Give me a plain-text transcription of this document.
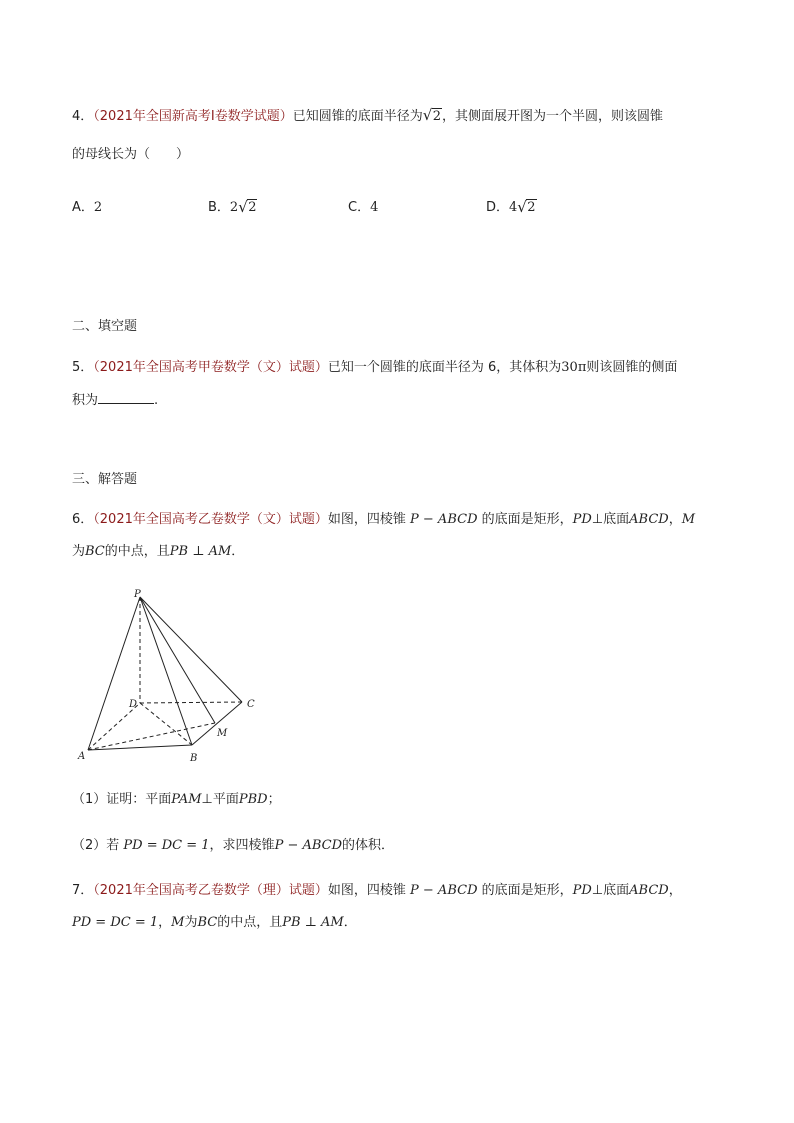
4．（2021年全国新高考Ⅰ卷数学试题）已知圆锥的底面半径为 √ 2，其侧面展开图为一个半圆，则该圆锥
的母线长为（　　）
A．2	B．2 √ 2	C．4	D．4 √ 2
二、填空题
5．（2021年全国高考甲卷数学（文）试题）已知一个圆锥的底面半径为 6，其体积为30π则该圆锥的侧面
积为	.
三、解答题
6．（2021年全国高考乙卷数学（文）试题）如图，四棱锥 P − ABCD 的底面是矩形，PD⊥底面ABCD，M
为BC的中点，且PB ⊥ AM．
P
D	C
M
A	B
（1）证明：平面PAM⊥平面PBD；
（2）若 PD = DC = 1，求四棱锥P − ABCD的体积．
7．（2021年全国高考乙卷数学（理）试题）如图，四棱锥 P − ABCD 的底面是矩形，PD⊥底面ABCD，
PD = DC = 1，M为BC的中点，且PB ⊥ AM．
